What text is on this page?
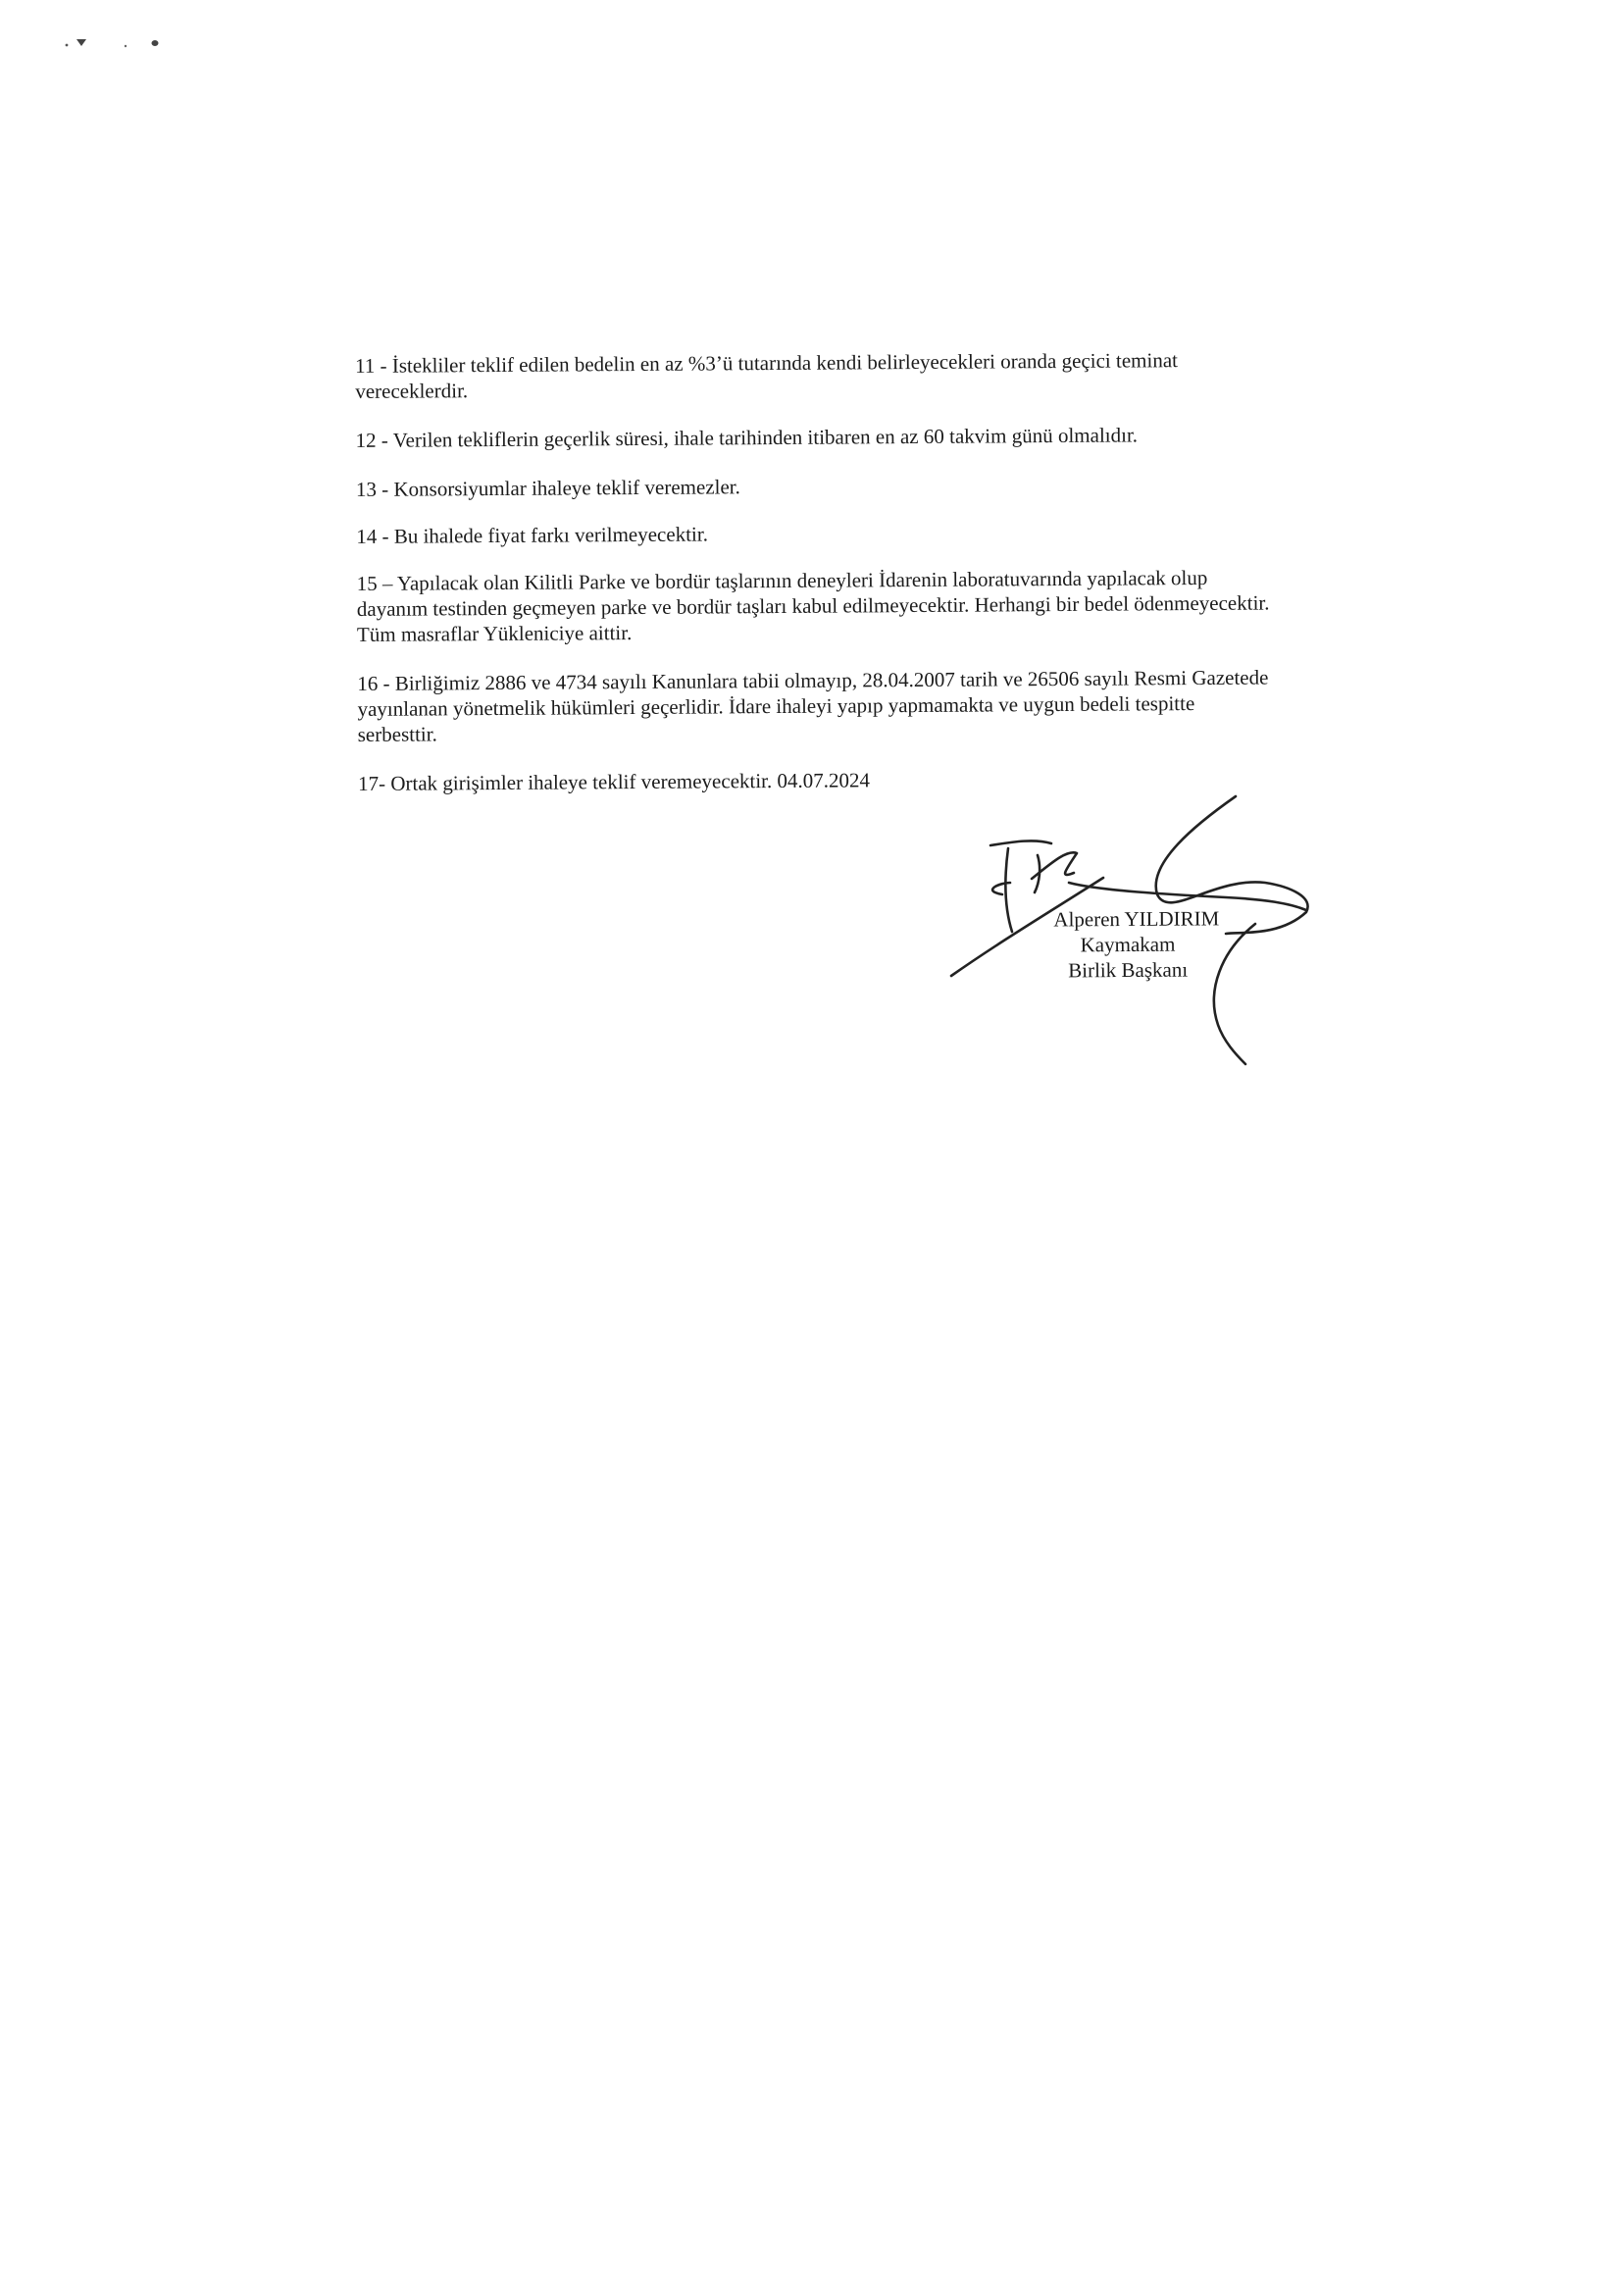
11 - İstekliler teklif edilen bedelin en az %3’ü tutarında kendi belirleyecekleri oranda geçici teminat vereceklerdir.

12 - Verilen tekliflerin geçerlik süresi, ihale tarihinden itibaren en az 60 takvim günü olmalıdır.

13 - Konsorsiyumlar ihaleye teklif veremezler.

14 - Bu ihalede fiyat farkı verilmeyecektir.

15 – Yapılacak olan Kilitli Parke ve bordür taşlarının deneyleri İdarenin laboratuvarında yapılacak olup dayanım testinden geçmeyen parke ve bordür taşları kabul edilmeyecektir. Herhangi bir bedel ödenmeyecektir. Tüm masraflar Yükleniciye aittir.

16 - Birliğimiz 2886 ve 4734 sayılı Kanunlara tabii olmayıp, 28.04.2007 tarih ve 26506 sayılı Resmi Gazetede yayınlanan yönetmelik hükümleri geçerlidir. İdare ihaleyi yapıp yapmamakta ve uygun bedeli tespitte serbesttir.

17- Ortak girişimler ihaleye teklif veremeyecektir. 04.07.2024

Alperen YILDIRIM
Kaymakam
Birlik Başkanı
